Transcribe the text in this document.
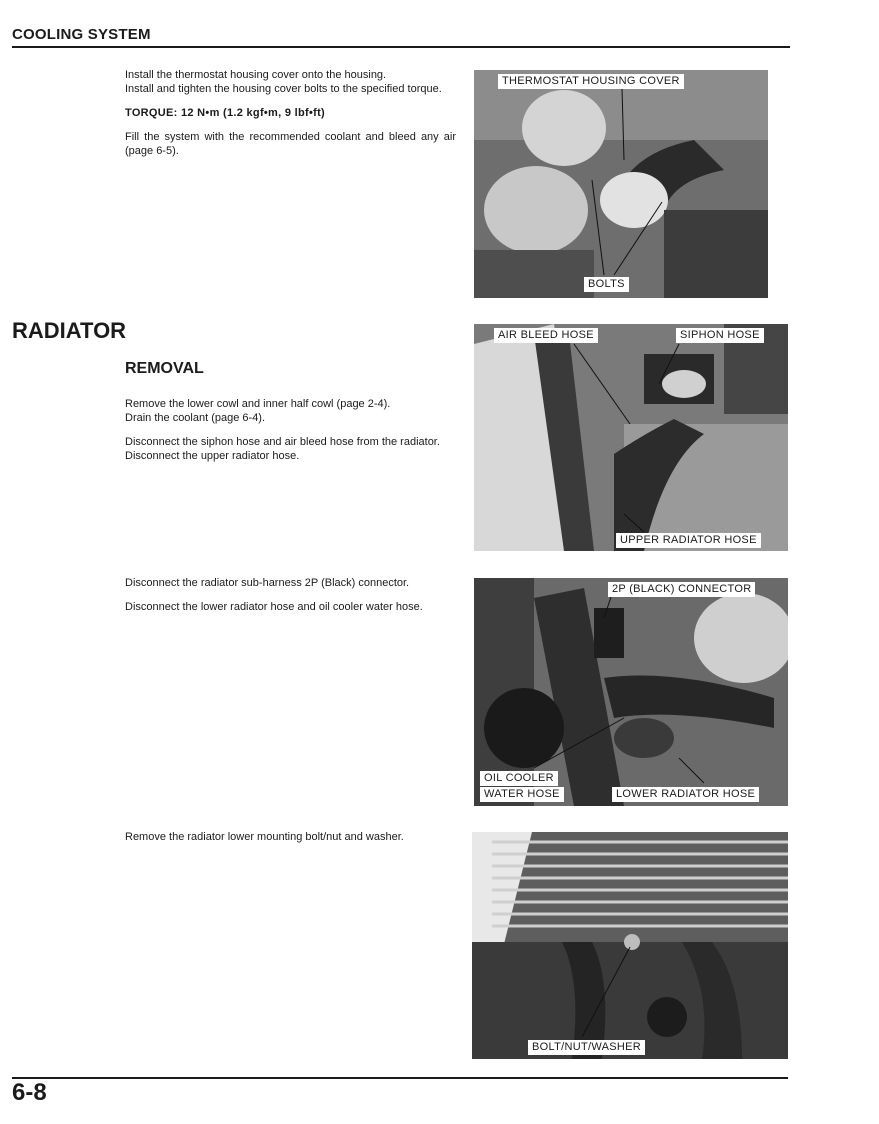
COOLING SYSTEM

Install the thermostat housing cover onto the housing.

Install and tighten the housing cover bolts to the specified torque.

TORQUE: 12 N•m (1.2 kgf•m, 9 lbf•ft)

Fill the system with the recommended coolant and bleed any air (page 6-5).

THERMOSTAT HOUSING COVER
BOLTS
RADIATOR
REMOVAL

Remove the lower cowl and inner half cowl (page 2-4).

Drain the coolant (page 6-4).

Disconnect the siphon hose and air bleed hose from the radiator.

Disconnect the upper radiator hose.

AIR BLEED HOSE	SIPHON HOSE
UPPER RADIATOR HOSE

Disconnect the radiator sub-harness 2P (Black) connector.

Disconnect the lower radiator hose and oil cooler water hose.

2P (BLACK) CONNECTOR
OIL COOLER
WATER HOSE	LOWER RADIATOR HOSE

Remove the radiator lower mounting bolt/nut and washer.

BOLT/NUT/WASHER
6-8
